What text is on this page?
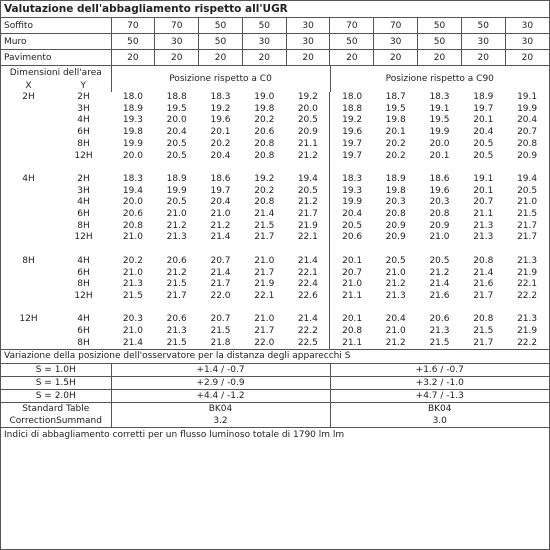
Valutazione dell'abbagliamento rispetto all'UGR
Soffito	70	70	50	50	30	70	70	50	50	30
Muro	50	30	50	30	30	50	30	50	30	30
Pavimento	20	20	20	20	20	20	20	20	20	20
Dimensioni dell'area		Posizione rispetto a C0	Posizione rispetto a C90
X	Y		
2H	2H	18.0	18.8	18.3	19.0	19.2	18.0	18.7	18.3	18.9	19.1
	3H	18.9	19.5	19.2	19.8	20.0	18.8	19.5	19.1	19.7	19.9
	4H	19.3	20.0	19.6	20.2	20.5	19.2	19.8	19.5	20.1	20.4
	6H	19.8	20.4	20.1	20.6	20.9	19.6	20.1	19.9	20.4	20.7
	8H	19.9	20.5	20.2	20.8	21.1	19.7	20.2	20.0	20.5	20.8
	12H	20.0	20.5	20.4	20.8	21.2	19.7	20.2	20.1	20.5	20.9

4H	2H	18.3	18.9	18.6	19.2	19.4	18.3	18.9	18.6	19.1	19.4
	3H	19.4	19.9	19.7	20.2	20.5	19.3	19.8	19.6	20.1	20.5
	4H	20.0	20.5	20.4	20.8	21.2	19.9	20.3	20.3	20.7	21.0
	6H	20.6	21.0	21.0	21.4	21.7	20.4	20.8	20.8	21.1	21.5
	8H	20.8	21.2	21.2	21.5	21.9	20.5	20.9	20.9	21.3	21.7
	12H	21.0	21.3	21.4	21.7	22.1	20.6	20.9	21.0	21.3	21.7

8H	4H	20.2	20.6	20.7	21.0	21.4	20.1	20.5	20.5	20.8	21.3
	6H	21.0	21.2	21.4	21.7	22.1	20.7	21.0	21.2	21.4	21.9
	8H	21.3	21.5	21.7	21.9	22.4	21.0	21.2	21.4	21.6	22.1
	12H	21.5	21.7	22.0	22.1	22.6	21.1	21.3	21.6	21.7	22.2

12H	4H	20.3	20.6	20.7	21.0	21.4	20.1	20.4	20.6	20.8	21.3
	6H	21.0	21.3	21.5	21.7	22.2	20.8	21.0	21.3	21.5	21.9
	8H	21.4	21.5	21.8	22.0	22.5	21.1	21.2	21.5	21.7	22.2
Variazione della posizione dell'osservatore per la distanza degli apparecchi S
S = 1.0H	+1.4 / -0.7	+1.6 / -0.7
S = 1.5H	+2.9 / -0.9	+3.2 / -1.0
S = 2.0H	+4.4 / -1.2	+4.7 / -1.3
Standard Table	BK04	BK04
CorrectionSummand	3.2	3.0
Indici di abbagliamento corretti per un flusso luminoso totale di 1790 lm lm
